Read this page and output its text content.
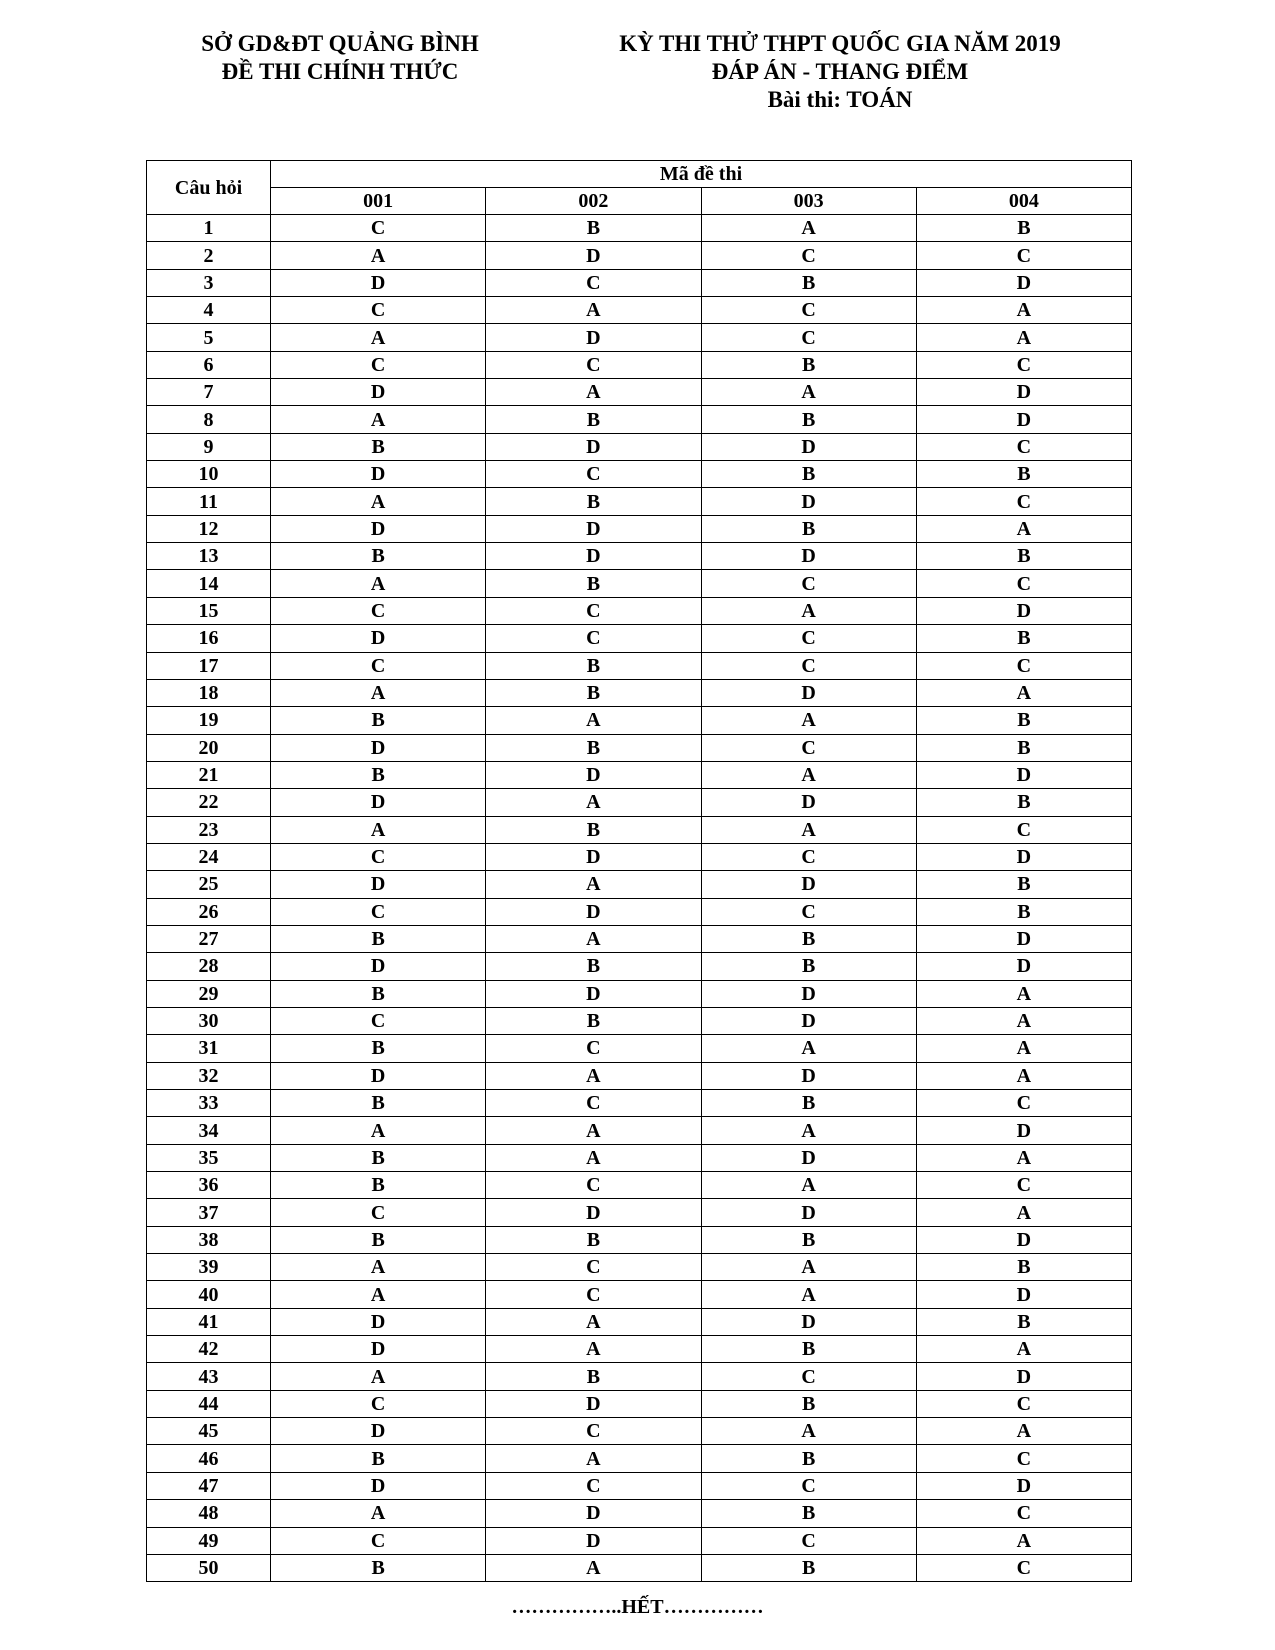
SỞ GD&ĐT QUẢNG BÌNH
ĐỀ THI CHÍNH THỨC
KỲ THI THỬ THPT QUỐC GIA NĂM 2019
ĐÁP ÁN - THANG ĐIỂM
Bài thi: TOÁN
Câu hỏi	Mã đề thi			
	001	002	003	004
1	C	B	A	B
2	A	D	C	C
3	D	C	B	D
4	C	A	C	A
5	A	D	C	A
6	C	C	B	C
7	D	A	A	D
8	A	B	B	D
9	B	D	D	C
10	D	C	B	B
11	A	B	D	C
12	D	D	B	A
13	B	D	D	B
14	A	B	C	C
15	C	C	A	D
16	D	C	C	B
17	C	B	C	C
18	A	B	D	A
19	B	A	A	B
20	D	B	C	B
21	B	D	A	D
22	D	A	D	B
23	A	B	A	C
24	C	D	C	D
25	D	A	D	B
26	C	D	C	B
27	B	A	B	D
28	D	B	B	D
29	B	D	D	A
30	C	B	D	A
31	B	C	A	A
32	D	A	D	A
33	B	C	B	C
34	A	A	A	D
35	B	A	D	A
36	B	C	A	C
37	C	D	D	A
38	B	B	B	D
39	A	C	A	B
40	A	C	A	D
41	D	A	D	B
42	D	A	B	A
43	A	B	C	D
44	C	D	B	C
45	D	C	A	A
46	B	A	B	C
47	D	C	C	D
48	A	D	B	C
49	C	D	C	A
50	B	A	B	C
……………..HẾT……………
